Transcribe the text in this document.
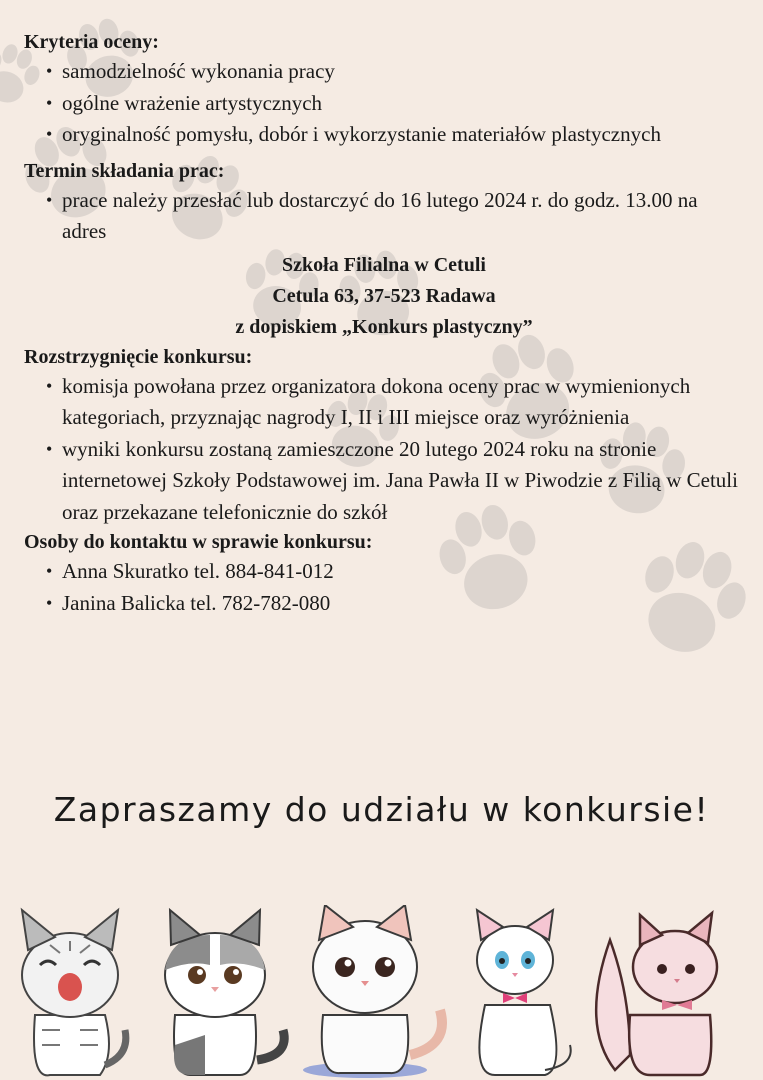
Kryteria oceny:

• samodzielność wykonania pracy
• ogólne wrażenie artystycznych
• oryginalność pomysłu, dobór i wykorzystanie materiałów plastycznych

Termin składania prac:

• prace należy przesłać lub dostarczyć do 16 lutego 2024 r. do godz. 13.00 na adres
Szkoła Filialna w Cetuli
Cetula 63, 37-523 Radawa
z dopiskiem „Konkurs plastyczny”

Rozstrzygnięcie konkursu:

• komisja powołana przez organizatora dokona oceny prac w wymienionych kategoriach, przyznając nagrody I, II i III miejsce oraz wyróżnienia
• wyniki konkursu zostaną zamieszczone 20 lutego 2024 roku na stronie internetowej Szkoły Podstawowej im. Jana Pawła II w Piwodzie z Filią w Cetuli oraz przekazane telefonicznie do szkół

Osoby do kontaktu w sprawie konkursu:

• Anna Skuratko tel. 884-841-012
• Janina Balicka tel. 782-782-080
Zapraszamy do udziału w konkursie!
